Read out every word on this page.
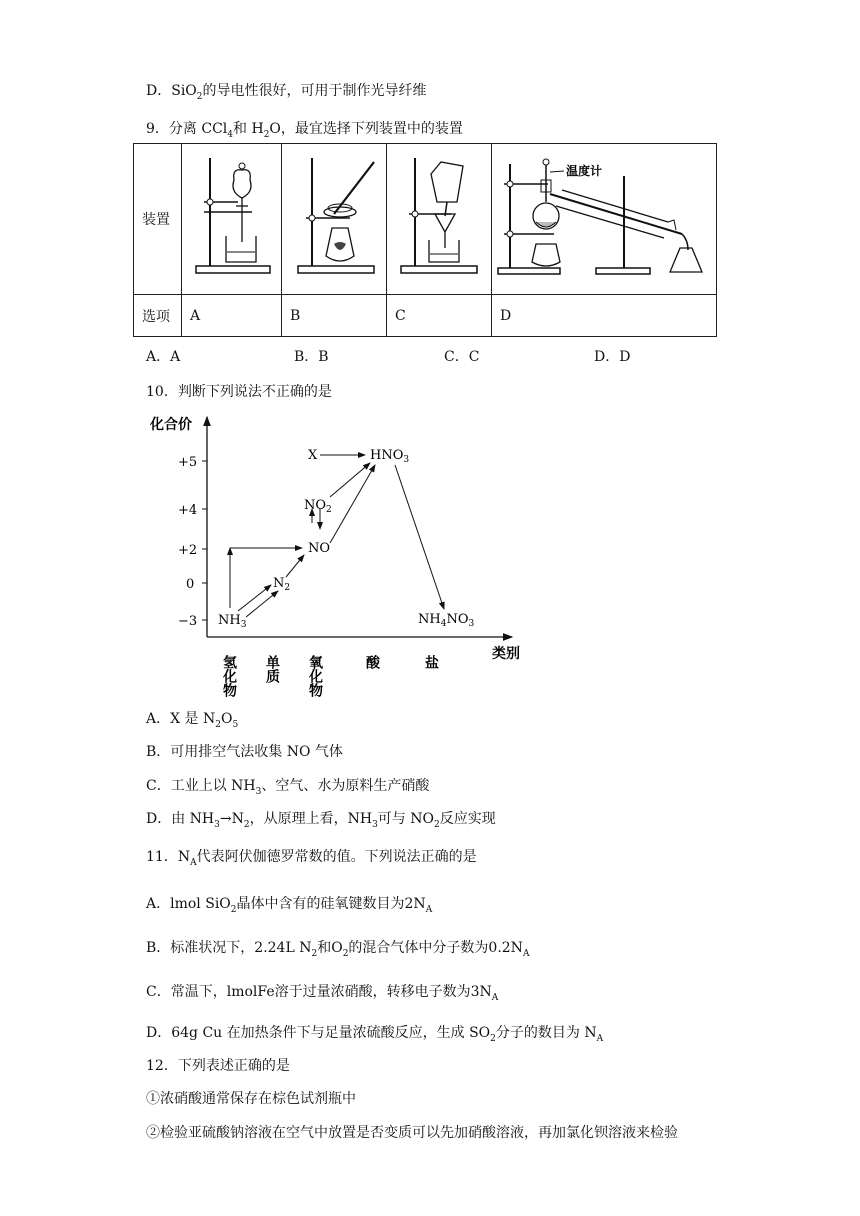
D．SiO$_2$的导电性很好，可用于制作光导纤维
9．分离 CCl$_4$和 $H_2O$，最宜选择下列装置中的装置
装置				温度计

选项	A	B	C	D
A．A	B．B	C．C	D．D
10．判断下列说法不正确的是
化合价
+5
+4
+2
0
−3
氢化物 单质 氧化物	酸	盐	类别
X	$HNO_3$
$NO_2$
NO
$N_2$
$NH_3$	$NH_4NO_3$
A．X 是 $N_2O_5$
B．可用排空气法收集 NO 气体
C．工业上以 $NH_3$、空气、水为原料生产硝酸
D．由 $NH_3\to N_2$，从原理上看，$NH_3$可与 $NO_2$反应实现
11．$N_A$代表阿伏伽德罗常数的值。下列说法正确的是
A．lmol SiO$_2$晶体中含有的硅氧键数目为$2N_A$
B．标准状况下，2.24L $N_2$和$O_2$的混合气体中分子数为$0.2N_A$
C．常温下，lmolFe溶于过量浓硝酸，转移电子数为$3N_A$
D．64g Cu 在加热条件下与足量浓硫酸反应，生成 $SO_2$分子的数目为 $N_A$
12．下列表述正确的是
①浓硝酸通常保存在棕色试剂瓶中
②检验亚硫酸钠溶液在空气中放置是否变质可以先加硝酸溶液，再加氯化钡溶液来检验
